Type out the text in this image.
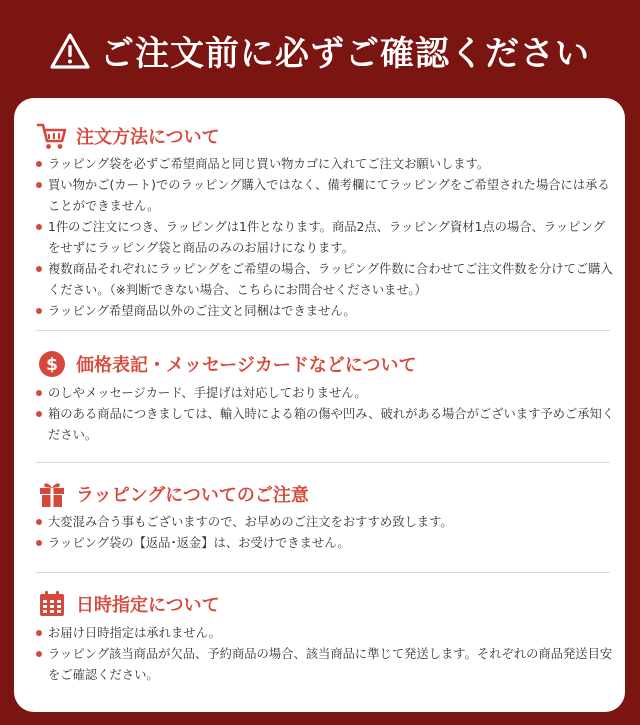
ご注文前に必ずご確認ください
注文方法について
ラッピング袋を必ずご希望商品と同じ買い物カゴに入れてご注文お願いします。
買い物かご(カート)でのラッピング購入ではなく、備考欄にてラッピングをご希望された場合には承ることができません。
1件のご注文につき、ラッピングは1件となります。商品2点、ラッピング資材1点の場合、ラッピングをせずにラッピング袋と商品のみのお届けになります。
複数商品それぞれにラッピングをご希望の場合、ラッピング件数に合わせてご注文件数を分けてご購入ください。（※判断できない場合、こちらにお問合せくださいませ。）
ラッピング希望商品以外のご注文と同梱はできません。
$ 価格表記・メッセージカードなどについて
のしやメッセージカード、手提げは対応しておりません。
箱のある商品につきましては、輸入時による箱の傷や凹み、破れがある場合がございます予めご承知ください。
ラッピングについてのご注意
大変混み合う事もございますので、お早めのご注文をおすすめ致します。
ラッピング袋の【返品･返金】は、お受けできません。
日時指定について
お届け日時指定は承れません。
ラッピング該当商品が欠品、予約商品の場合、該当商品に準じて発送します。それぞれの商品発送目安をご確認ください。
